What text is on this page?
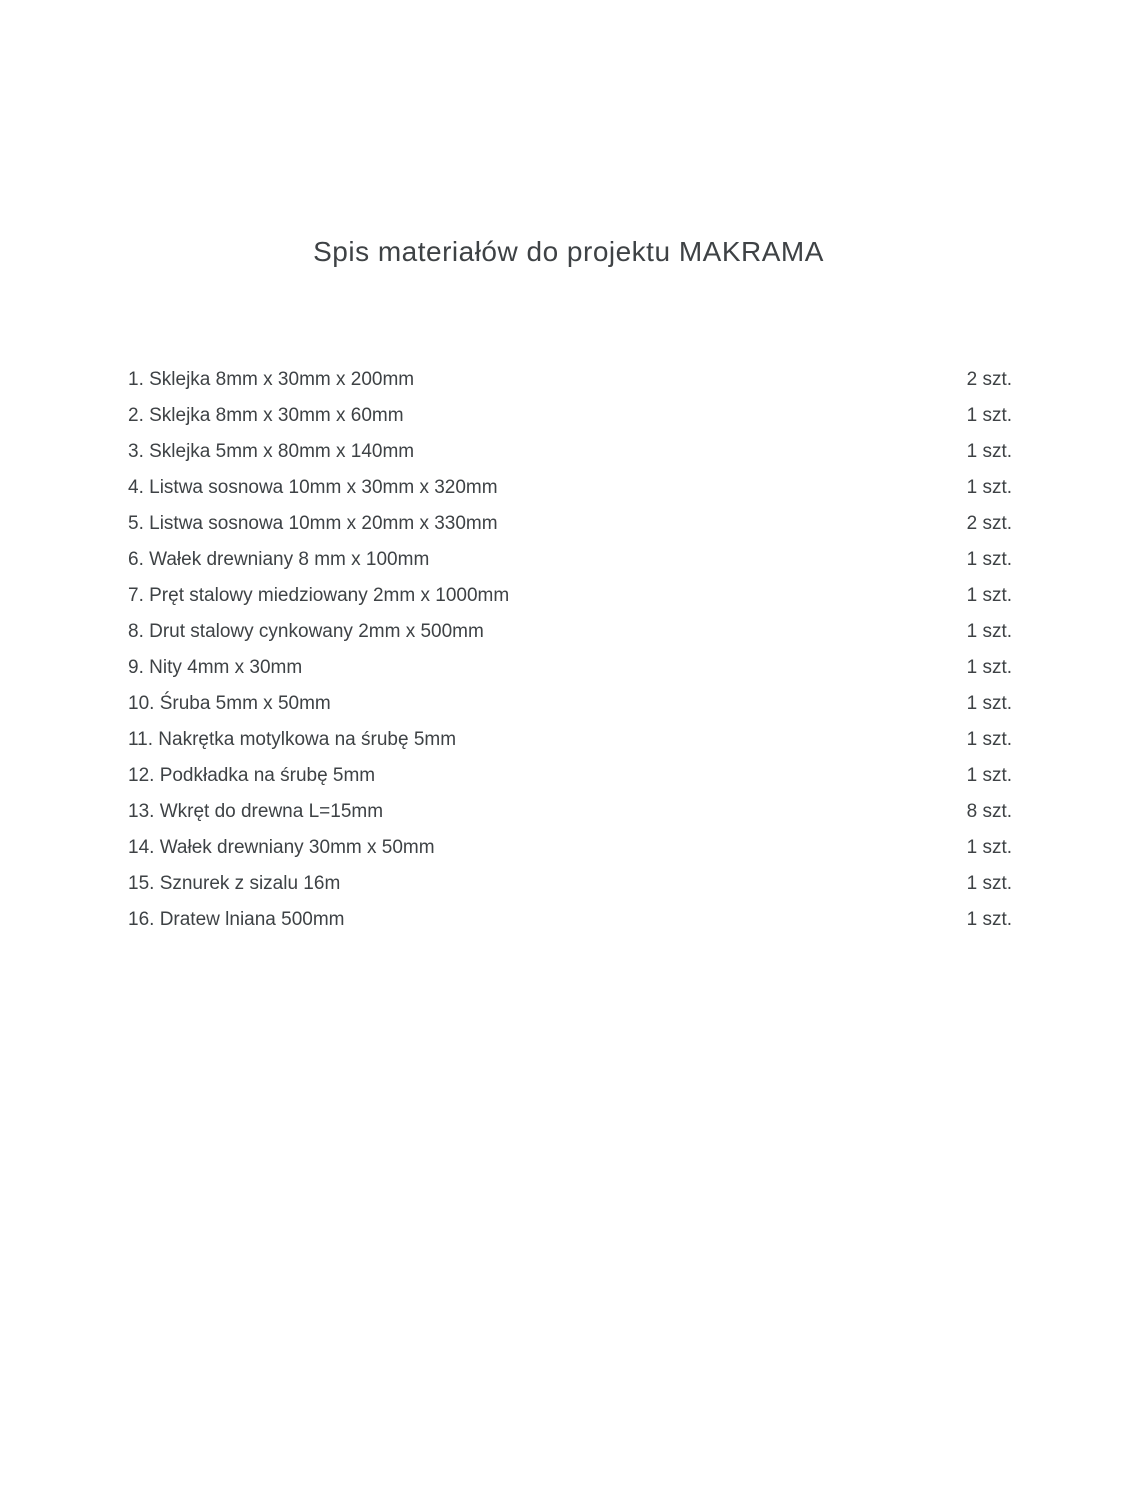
Spis materiałów do projektu MAKRAMA
1. Sklejka 8mm x 30mm x 200mm	2 szt.
2. Sklejka 8mm x 30mm x 60mm	1 szt.
3. Sklejka 5mm x 80mm x 140mm	1 szt.
4. Listwa sosnowa 10mm x 30mm x 320mm	1 szt.
5. Listwa sosnowa 10mm x 20mm x 330mm	2 szt.
6. Wałek drewniany 8 mm x 100mm	1 szt.
7. Pręt stalowy miedziowany 2mm x 1000mm	1 szt.
8. Drut stalowy cynkowany 2mm x 500mm	1 szt.
9. Nity 4mm x 30mm	1 szt.
10. Śruba 5mm x 50mm	1 szt.
11. Nakrętka motylkowa na śrubę 5mm	1 szt.
12. Podkładka na śrubę 5mm	1 szt.
13. Wkręt do drewna L=15mm	8 szt.
14. Wałek drewniany 30mm x 50mm	1 szt.
15. Sznurek z sizalu 16m	1 szt.
16. Dratew lniana 500mm	1 szt.
